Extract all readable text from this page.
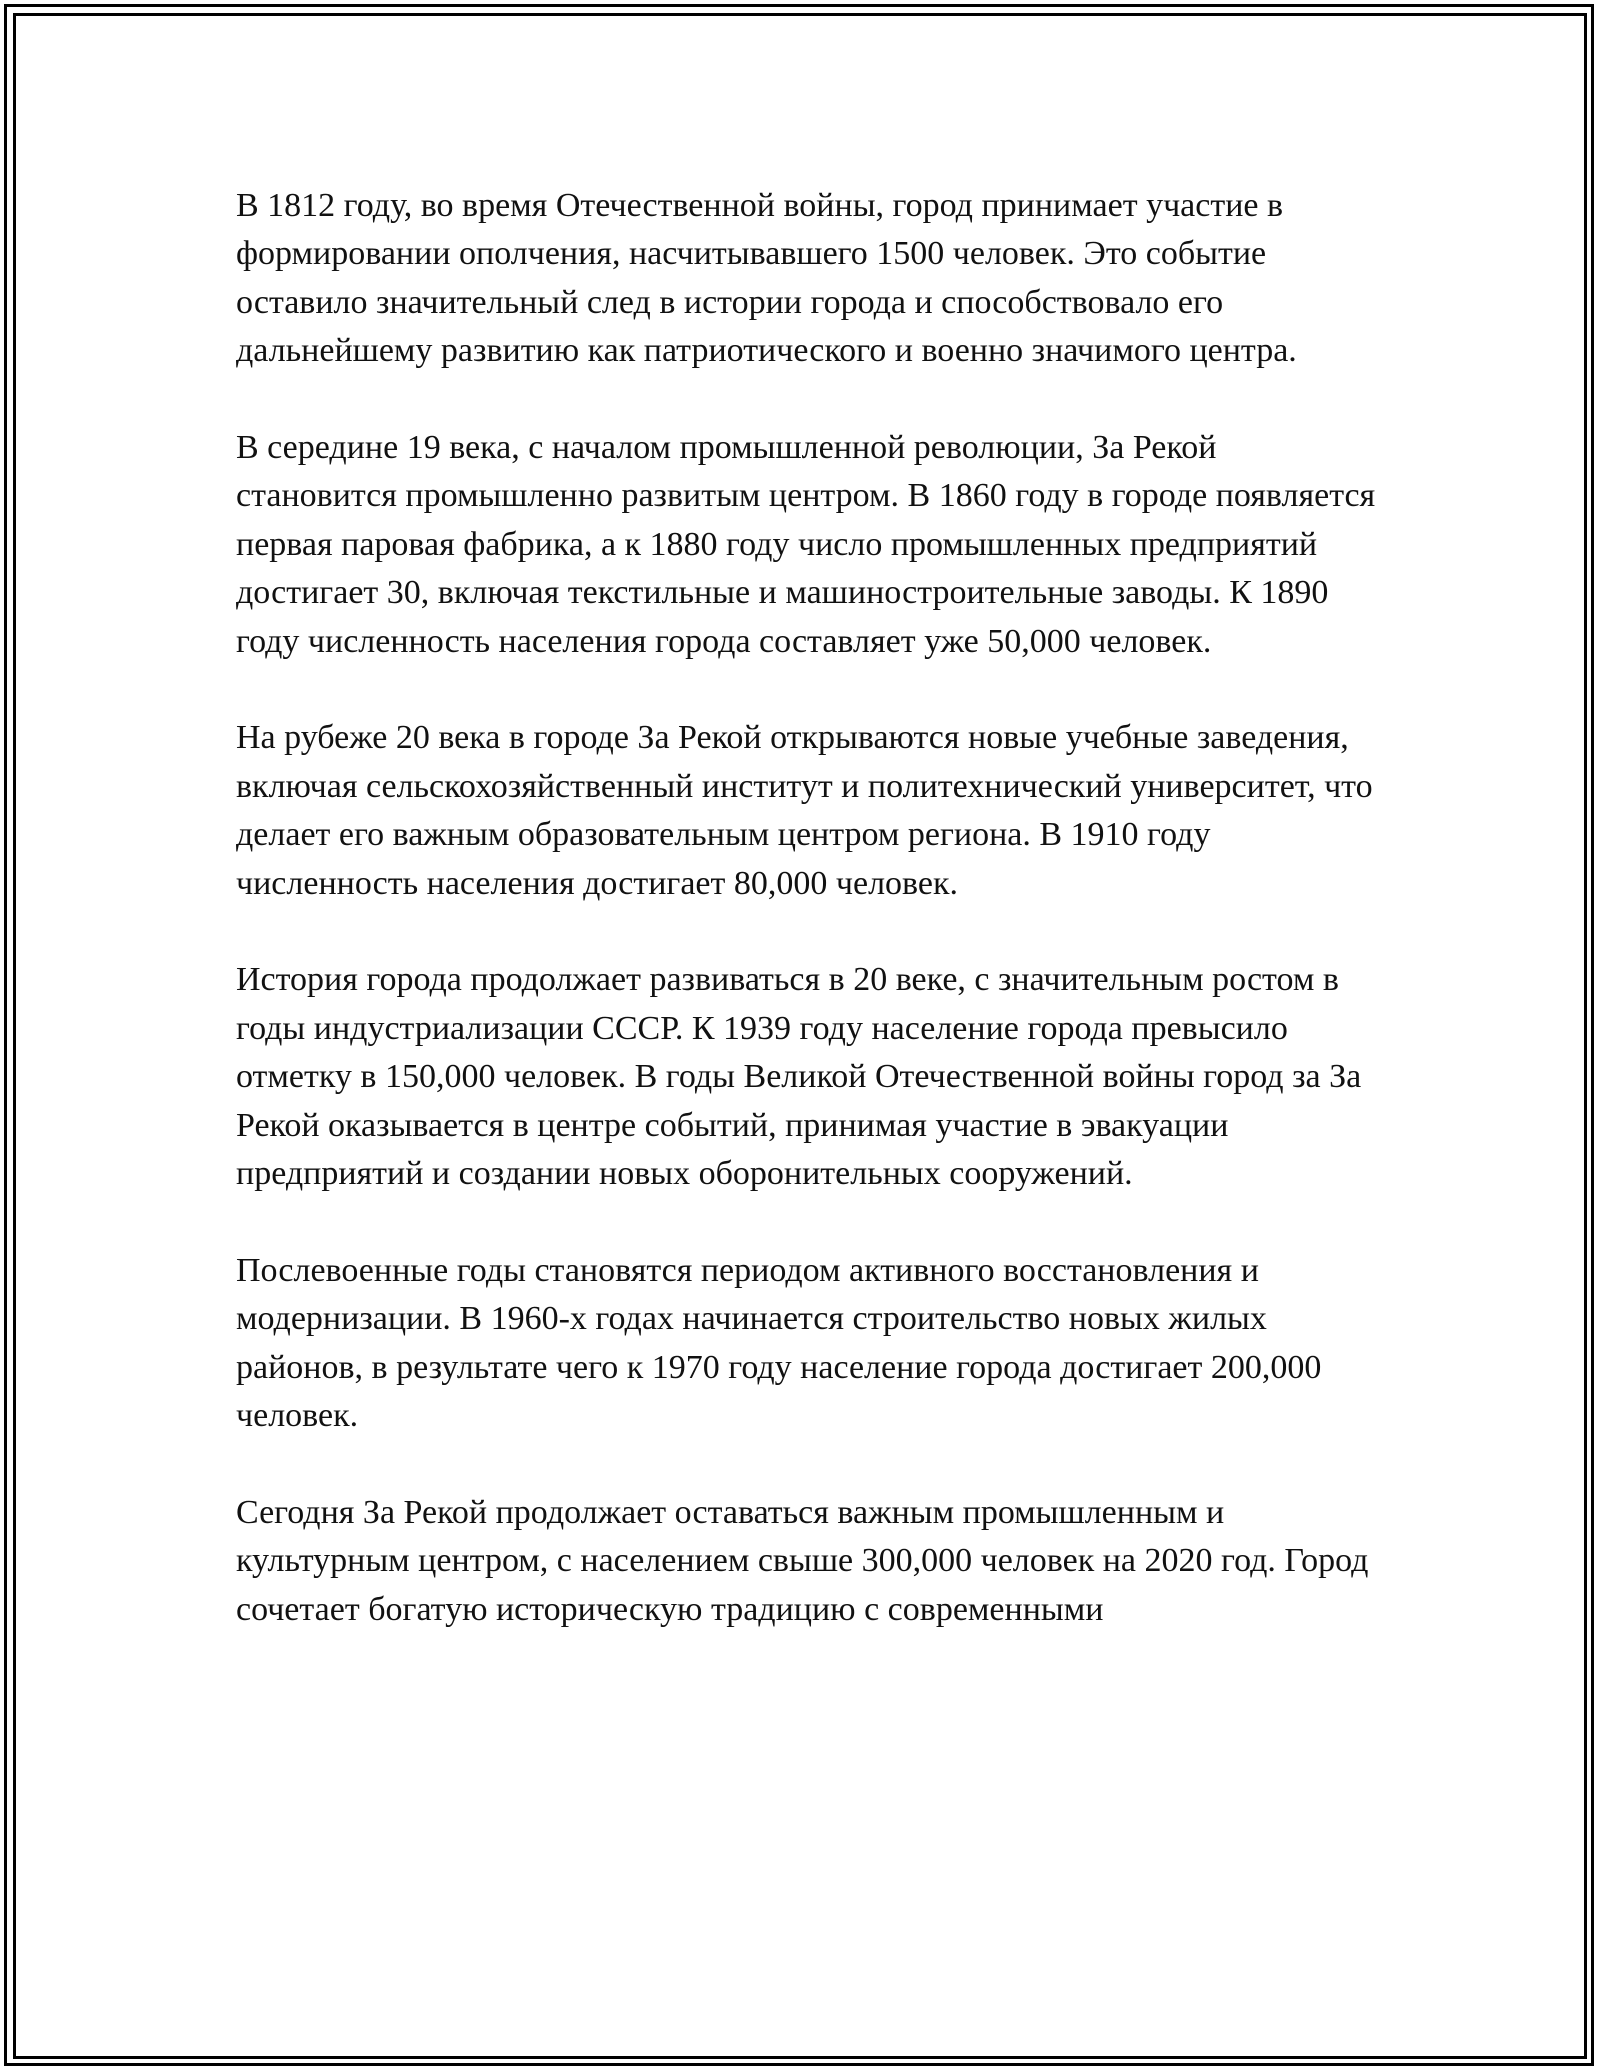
В 1812 году, во время Отечественной войны, город принимает участие в формировании ополчения, насчитывавшего 1500 человек. Это событие оставило значительный след в истории города и способствовало его дальнейшему развитию как патриотического и военно значимого центра.

В середине 19 века, с началом промышленной революции, За Рекой становится промышленно развитым центром. В 1860 году в городе появляется первая паровая фабрика, а к 1880 году число промышленных предприятий достигает 30, включая текстильные и машиностроительные заводы. К 1890 году численность населения города составляет уже 50,000 человек.

На рубеже 20 века в городе За Рекой открываются новые учебные заведения, включая сельскохозяйственный институт и политехнический университет, что делает его важным образовательным центром региона. В 1910 году численность населения достигает 80,000 человек.

История города продолжает развиваться в 20 веке, с значительным ростом в годы индустриализации СССР. К 1939 году население города превысило отметку в 150,000 человек. В годы Великой Отечественной войны город за За Рекой оказывается в центре событий, принимая участие в эвакуации предприятий и создании новых оборонительных сооружений.

Послевоенные годы становятся периодом активного восстановления и модернизации. В 1960-х годах начинается строительство новых жилых районов, в результате чего к 1970 году население города достигает 200,000 человек.

Сегодня За Рекой продолжает оставаться важным промышленным и культурным центром, с населением свыше 300,000 человек на 2020 год. Город сочетает богатую историческую традицию с современными
